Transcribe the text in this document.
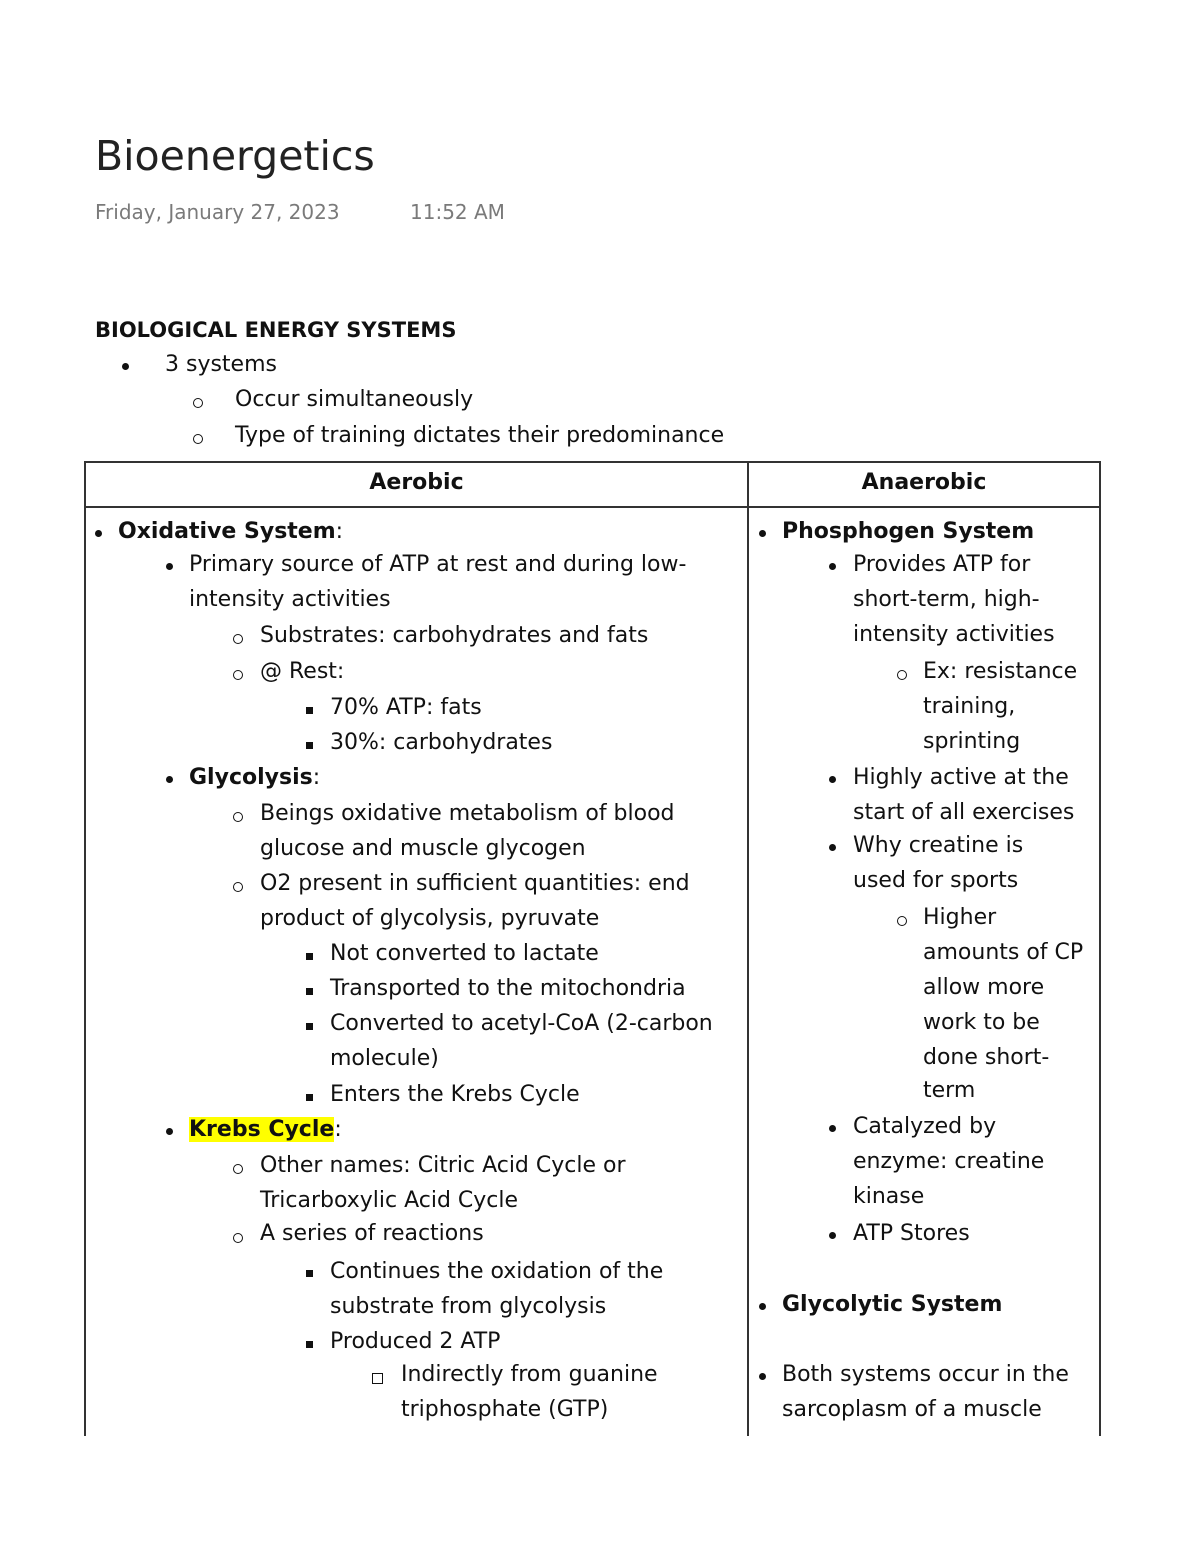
Bioenergetics
Friday, January 27, 2023	11:52 AM
BIOLOGICAL ENERGY SYSTEMS
3 systems
Occur simultaneously
Type of training dictates their predominance
Aerobic	Anaerobic
Oxidative System:
Primary source of ATP at rest and during low-
intensity activities
Substrates: carbohydrates and fats
@ Rest:
70% ATP: fats
30%: carbohydrates
Glycolysis:
Beings oxidative metabolism of blood
glucose and muscle glycogen
O2 present in sufficient quantities: end
product of glycolysis, pyruvate
Not converted to lactate
Transported to the mitochondria
Converted to acetyl-CoA (2-carbon
molecule)
Enters the Krebs Cycle
Krebs Cycle:
Other names: Citric Acid Cycle or
Tricarboxylic Acid Cycle
A series of reactions
Continues the oxidation of the
substrate from glycolysis
Produced 2 ATP
Indirectly from guanine
triphosphate (GTP)
Phosphogen System
Provides ATP for
short-term, high-
intensity activities
Ex: resistance
training,
sprinting
Highly active at the
start of all exercises
Why creatine is
used for sports
Higher
amounts of CP
allow more
work to be
done short-
term
Catalyzed by
enzyme: creatine
kinase
ATP Stores
Glycolytic System
Both systems occur in the
sarcoplasm of a muscle
